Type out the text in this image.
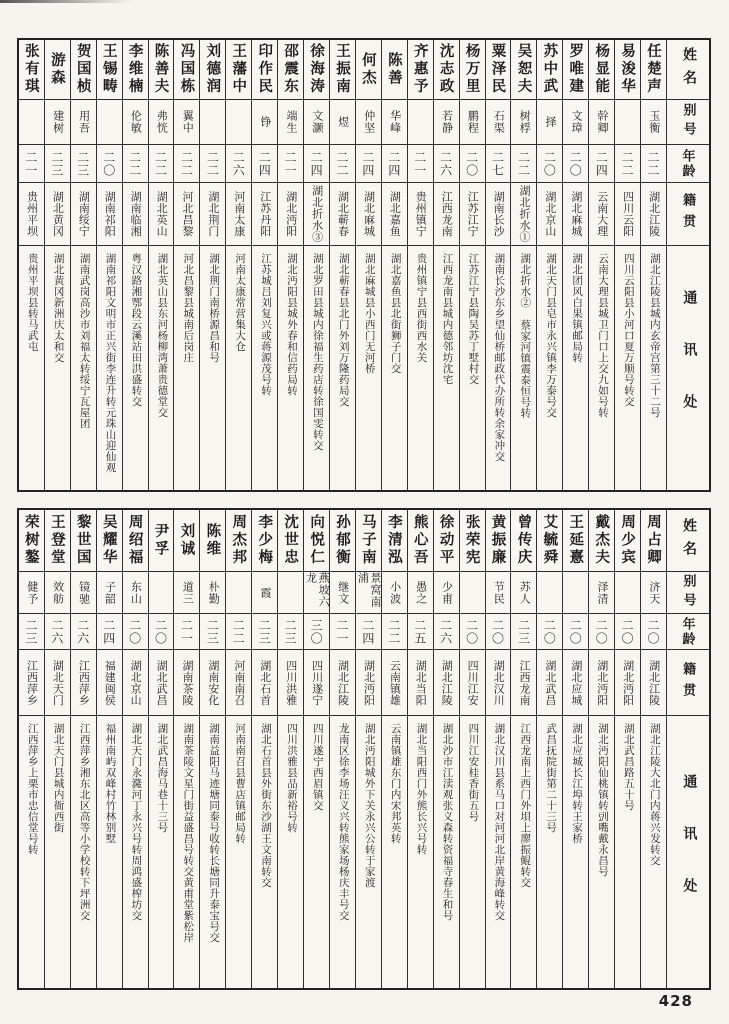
姓名
别号
年龄
籍贯
通讯处
任楚声
玉衡
二二
湖北江陵
湖北江陵县城内玄帝宫第三十二号
易浚华
二二
四川云阳
四川云阳县小河口夏万顺号转交
杨显能
幹卿
二四
云南大理
云南大理县城卫门口上交九如号转
罗唯建
文璋
二〇
湖北麻城
湖北团风白果镇邮局转
苏中武
择
二〇
湖北京山
湖北天门县皂市永兴镇李万泰号交
吴恕夫
树桴
二二
湖北折水①
湖北折水② 蔡家河镇震泰恒号转
粟泽民
石渠
二七
湖南长沙
湖南长沙东乡望仙桥邮政代办所转余家冲交
杨万里
鹏程
二〇
江苏江宁
江苏江宁县陶吴苏丁墅村交
沈志政
若静
二六
江西龙南
江西龙南县城内德邻坊沈宅
齐惠予
二一
贵州镇宁
贵州镇宁县西街西水关
陈善
华峰
二四
湖北嘉鱼
湖北嘉鱼县北街狮子门交
何杰
仲坚
二四
湖北麻城
湖北麻城县小西门无河桥
王振南
煜
二二
湖北蕲春
湖北蕲春县北门外刘万隆药局交
徐海涛
文灏
二四
湖北折水③
湖北罗田县城内徐福生药店转徐国雯转交
邵震东
端生
二一
湖北沔阳
湖北沔阳县城外春和信药局转
印作民
铮
二四
江苏丹阳
江苏城吕刘复兴或蒋源茂号转
王藩中
二六
河南太康
河南太康常营集大仓
刘德润
二二
湖北荆门
湖北荆门南桥源昌和号
冯国栋
翼中
二二
河北昌黎
河北昌黎县城南后岗庄
陈善夫
弗恍
二二
湖北英山
湖北英山县东河杨柳湾萧贵德堂交
李维楠
伦敏
二二
湖南临湘
粤汉路湘鄂段云溪站田洪盛转交
王锡畴
二〇
湖南祁阳
湖南祁阳文明市正兴街李连升转元珠山迎仙观
贺国桢
用吾
二三
湖南绥宁
湖南武岗高沙市刘福太转绥宁瓦屋团
游森
建树
二三
湖北黄冈
湖北黄冈新洲庆太和交
张有琪
二一
贵州平坝
贵州平坝县转马武屯
姓名
别号
年龄
籍贯
通讯处
周占卿
济天
二〇
湖北江陵
湖北江陵大北门内蒋兴发转交
周少宾
二〇
湖北沔阳
湖北武昌路五十号
戴杰夫
泽清
二〇
湖北沔阳
湖北沔阳仙桃镇转剅嘴戴永昌号
王延憙
二〇
湖北应城
湖北应城长江埠转王家桥
艾毓舜
二〇
湖北武昌
武昌抚院街第二十三号
曾传庆
苏人
二三
江西龙南
江西龙南上西门外垻上廖振鲲转交
黄振廉
节民
二〇
湖北汉川
湖北汉川县系马口对河河北岸黄海峰转交
张荣宪
二〇
四川江安
四川江安桂香街五号
徐动平
少甫
二六
湖北江陵
湖北沙市江渎观张义森转资福寺春生和号
熊心吾
愚之
二五
湖北当阳
湖北当阳西门外熊长兴号转
李清泓
小波
二二
云南镇雄
云南镇雄东门内宋邦英转
马子南
景窝南浦
二四
湖北沔阳
湖北沔阳城外下关永兴公转于家渡
孙郁衡
继文
二一
湖北江陵
龙南区徐李场汪义兴转熊家场杨庆丰号交
向悦仁
燕坡六龙
三〇
四川遂宁
四川遂宁西眉镇交
沈世忠
二三
四川洪雅
四川洪雅县品新裕号转
李少梅
霞
二三
湖北石首
湖北石首县外街东沙湖王文南转交
周杰邦
二二
河南南召
河南南召县曹店镇邮局转
陈维
朴勤
二三
湖南安化
湖南益阳马迹塘同泰号收转长塘同升泰宝号交
刘诚
道三
二一
湖南茶陵
湖南茶陵文星门街益盛昌号转交黄甫堂紫松岸
尹孚
二〇
湖北武昌
湖北武昌海马巷十三号
周绍福
东山
二〇
湖北京山
湖北天门永漋河丁永兴号转周鸿盛榨坊交
吴耀华
子韶
二四
福建闽侯
福州南屿双峰村竹林别墅
黎世国
镜驰
二六
江西萍乡
江西萍乡湘东北区高等小学校转下坪洲交
王登堂
效舫
二六
湖北天门
湖北天门县城内衙西街
荣树鏊
健予
二三
江西萍乡
江西萍乡上栗市忠信堂号转
428
